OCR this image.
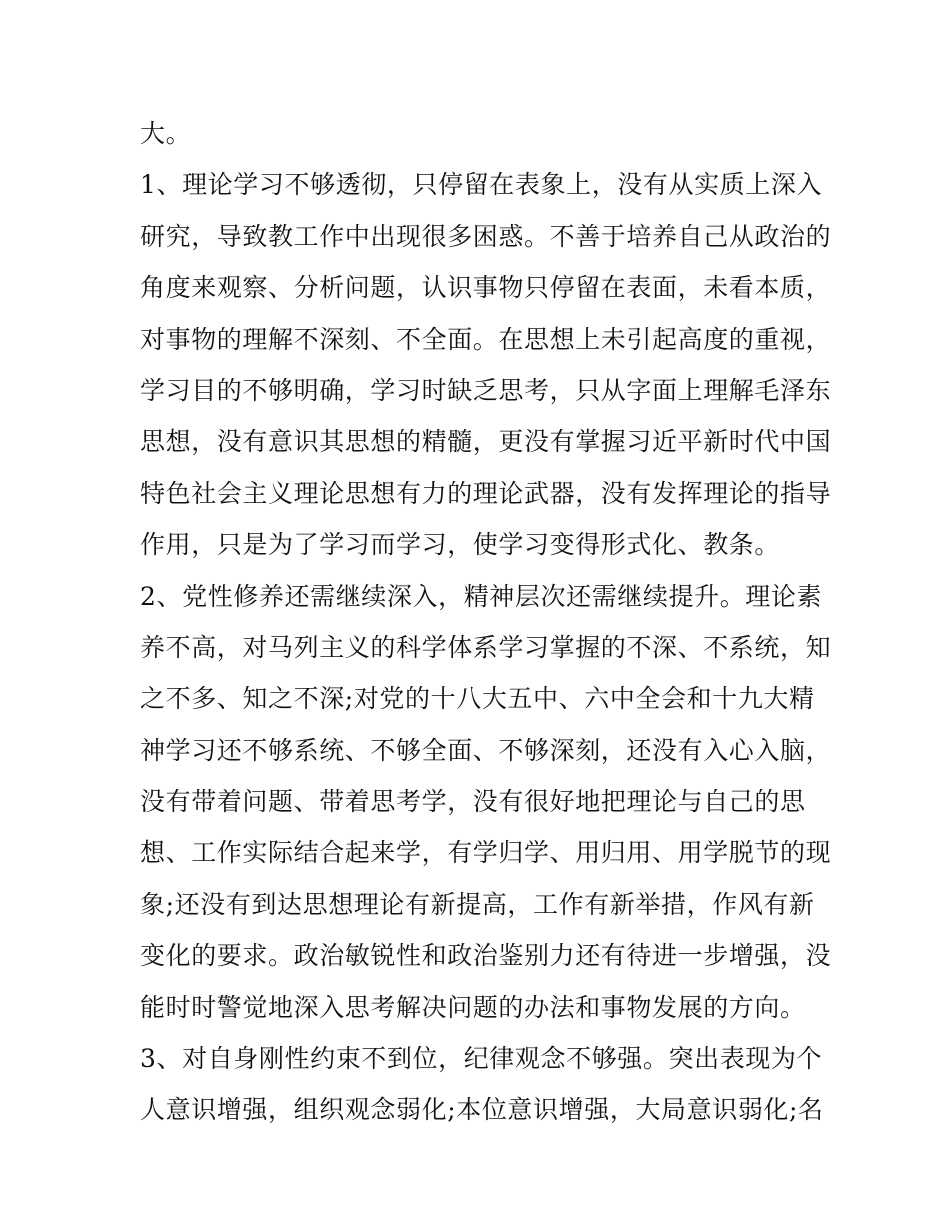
大。
1、理论学习不够透彻，只停留在表象上，没有从实质上深入
研究，导致教工作中出现很多困惑。不善于培养自己从政治的
角度来观察、分析问题，认识事物只停留在表面，未看本质，
对事物的理解不深刻、不全面。在思想上未引起高度的重视，
学习目的不够明确，学习时缺乏思考，只从字面上理解毛泽东
思想，没有意识其思想的精髓，更没有掌握习近平新时代中国
特色社会主义理论思想有力的理论武器，没有发挥理论的指导
作用，只是为了学习而学习，使学习变得形式化、教条。
2、党性修养还需继续深入，精神层次还需继续提升。理论素
养不高，对马列主义的科学体系学习掌握的不深、不系统，知
之不多、知之不深;对党的十八大五中、六中全会和十九大精
神学习还不够系统、不够全面、不够深刻，还没有入心入脑，
没有带着问题、带着思考学，没有很好地把理论与自己的思
想、工作实际结合起来学，有学归学、用归用、用学脱节的现
象;还没有到达思想理论有新提高，工作有新举措，作风有新
变化的要求。政治敏锐性和政治鉴别力还有待进一步增强，没
能时时警觉地深入思考解决问题的办法和事物发展的方向。
3、对自身刚性约束不到位，纪律观念不够强。突出表现为个
人意识增强，组织观念弱化;本位意识增强，大局意识弱化;名
